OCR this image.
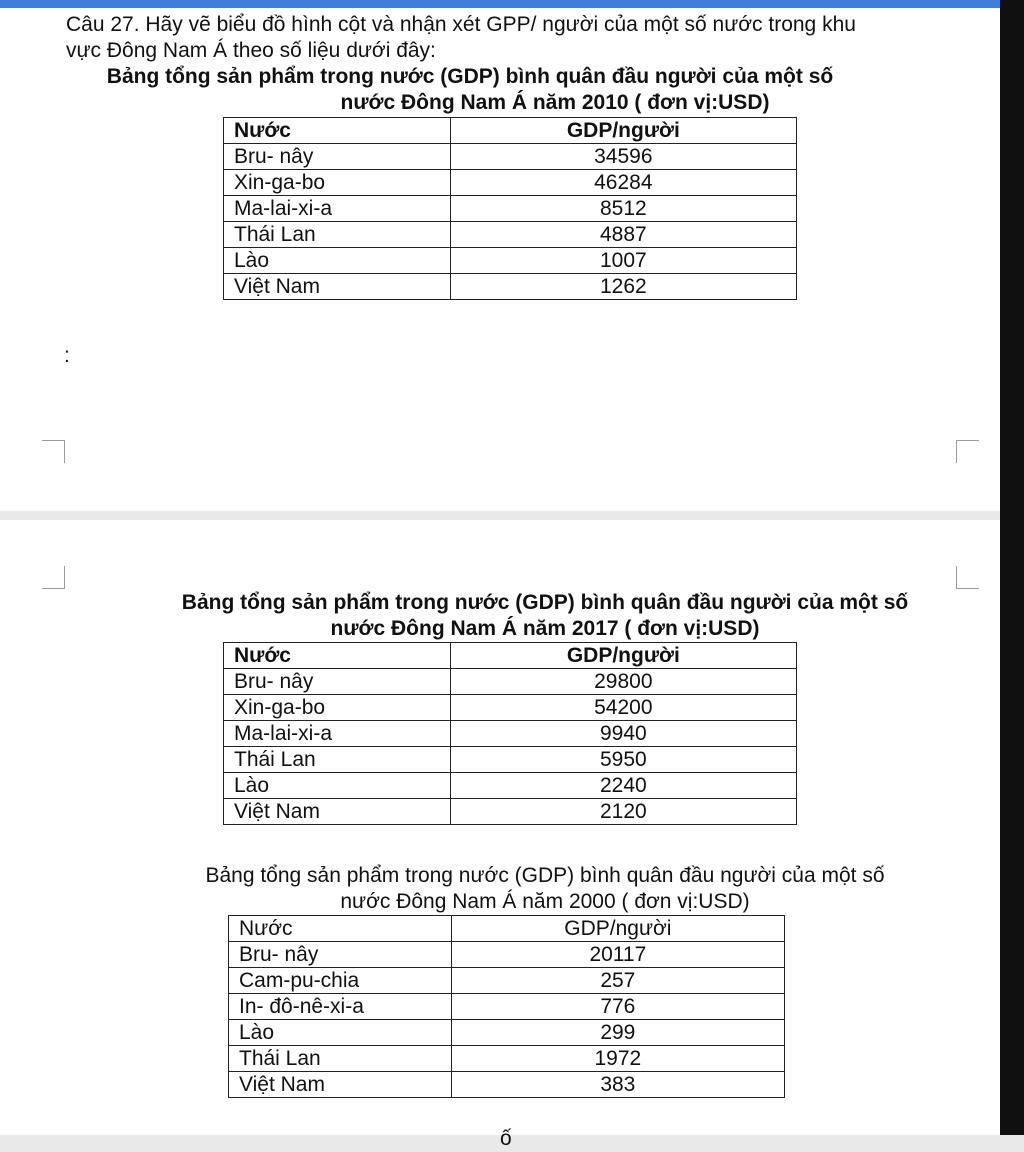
Câu 27. Hãy vẽ biểu đồ hình cột và nhận xét GPP/ người của một số nước trong khu
vực Đông Nam Á theo số liệu dưới đây:

Bảng tổng sản phẩm trong nước (GDP) bình quân đầu người của một số
nước Đông Nam Á năm 2010 ( đơn vị:USD)

Nước	GDP/người
Bru- nây	34596
Xin-ga-bo	46284
Ma-lai-xi-a	8512
Thái Lan	4887
Lào	1007
Việt Nam	1262
:

Bảng tổng sản phẩm trong nước (GDP) bình quân đầu người của một số
nước Đông Nam Á năm 2017 ( đơn vị:USD)

Nước	GDP/người
Bru- nây	29800
Xin-ga-bo	54200
Ma-lai-xi-a	9940
Thái Lan	5950
Lào	2240
Việt Nam	2120

Bảng tổng sản phẩm trong nước (GDP) bình quân đầu người của một số
nước Đông Nam Á năm 2000 ( đơn vị:USD)

Nước	GDP/người
Bru- nây	20117
Cam-pu-chia	257
In- đô-nê-xi-a	776
Lào	299
Thái Lan	1972
Việt Nam	383
ố
